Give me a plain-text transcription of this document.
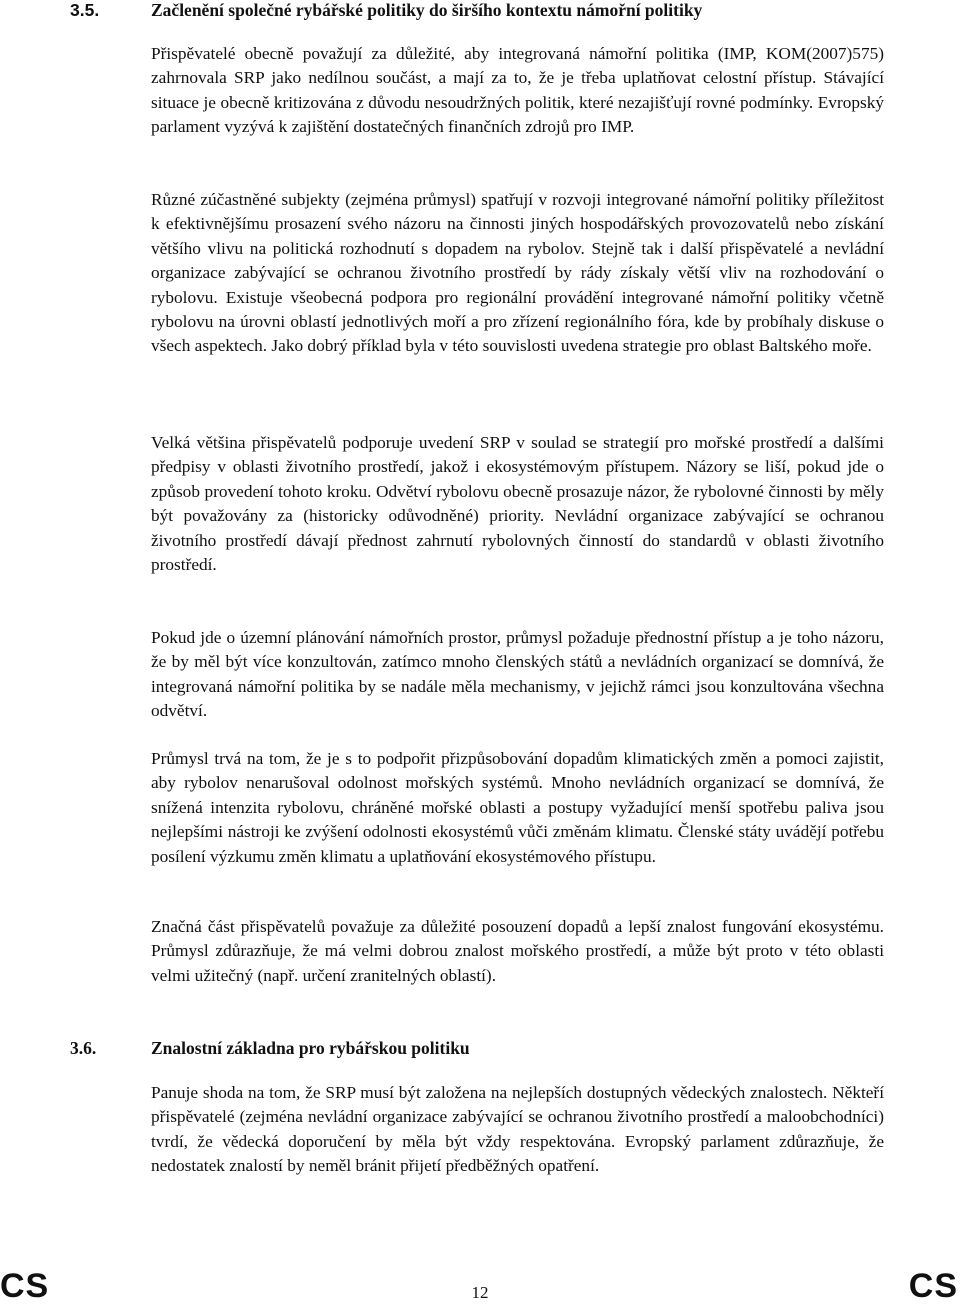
3.5.	Začlenění společné rybářské politiky do širšího kontextu námořní politiky

Přispěvatelé obecně považují za důležité, aby integrovaná námořní politika (IMP, KOM(2007)575) zahrnovala SRP jako nedílnou součást, a mají za to, že je třeba uplatňovat celostní přístup. Stávající situace je obecně kritizována z důvodu nesoudržných politik, které nezajišťují rovné podmínky. Evropský parlament vyzývá k zajištění dostatečných finančních zdrojů pro IMP.

Různé zúčastněné subjekty (zejména průmysl) spatřují v rozvoji integrované námořní politiky příležitost k efektivnějšímu prosazení svého názoru na činnosti jiných hospodářských provozovatelů nebo získání většího vlivu na politická rozhodnutí s dopadem na rybolov. Stejně tak i další přispěvatelé a nevládní organizace zabývající se ochranou životního prostředí by rády získaly větší vliv na rozhodování o rybolovu. Existuje všeobecná podpora pro regionální provádění integrované námořní politiky včetně rybolovu na úrovni oblastí jednotlivých moří a pro zřízení regionálního fóra, kde by probíhaly diskuse o všech aspektech. Jako dobrý příklad byla v této souvislosti uvedena strategie pro oblast Baltského moře.

Velká většina přispěvatelů podporuje uvedení SRP v soulad se strategií pro mořské prostředí a dalšími předpisy v oblasti životního prostředí, jakož i ekosystémovým přístupem. Názory se liší, pokud jde o způsob provedení tohoto kroku. Odvětví rybolovu obecně prosazuje názor, že rybolovné činnosti by měly být považovány za (historicky odůvodněné) priority. Nevládní organizace zabývající se ochranou životního prostředí dávají přednost zahrnutí rybolovných činností do standardů v oblasti životního prostředí.

Pokud jde o územní plánování námořních prostor, průmysl požaduje přednostní přístup a je toho názoru, že by měl být více konzultován, zatímco mnoho členských států a nevládních organizací se domnívá, že integrovaná námořní politika by se nadále měla mechanismy, v jejichž rámci jsou konzultována všechna odvětví.

Průmysl trvá na tom, že je s to podpořit přizpůsobování dopadům klimatických změn a pomoci zajistit, aby rybolov nenarušoval odolnost mořských systémů. Mnoho nevládních organizací se domnívá, že snížená intenzita rybolovu, chráněné mořské oblasti a postupy vyžadující menší spotřebu paliva jsou nejlepšími nástroji ke zvýšení odolnosti ekosystémů vůči změnám klimatu. Členské státy uvádějí potřebu posílení výzkumu změn klimatu a uplatňování ekosystémového přístupu.

Značná část přispěvatelů považuje za důležité posouzení dopadů a lepší znalost fungování ekosystému. Průmysl zdůrazňuje, že má velmi dobrou znalost mořského prostředí, a může být proto v této oblasti velmi užitečný (např. určení zranitelných oblastí).

3.6.	Znalostní základna pro rybářskou politiku

Panuje shoda na tom, že SRP musí být založena na nejlepších dostupných vědeckých znalostech. Někteří přispěvatelé (zejména nevládní organizace zabývající se ochranou životního prostředí a maloobchodníci) tvrdí, že vědecká doporučení by měla být vždy respektována. Evropský parlament zdůrazňuje, že nedostatek znalostí by neměl bránit přijetí předběžných opatření.

CS	12	CS
